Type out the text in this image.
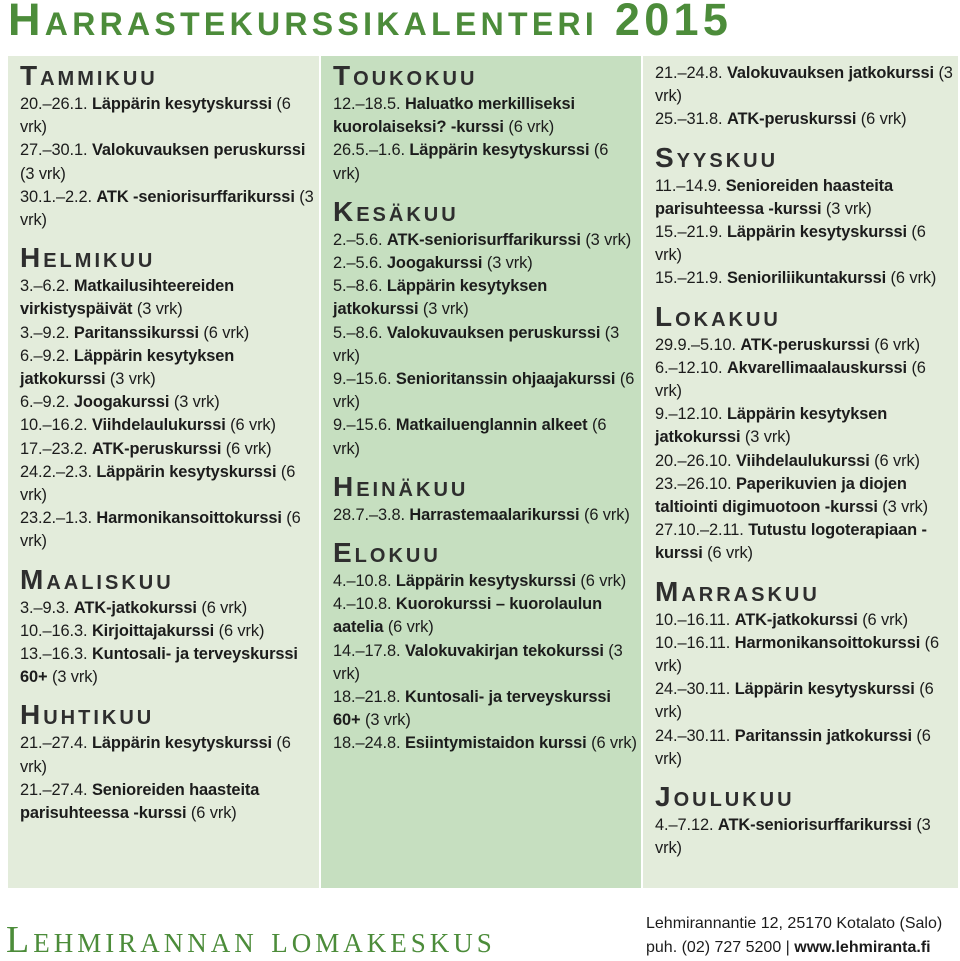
Harrastekurssikalenteri 2015
Tammikuu

20.–26.1. Läppärin kesytyskurssi (6 vrk)

27.–30.1. Valokuvauksen peruskurssi (3 vrk)

30.1.–2.2. ATK -seniorisurffarikurssi (3 vrk)

Helmikuu

3.–6.2. Matkailusihteereiden virkistyspäivät (3 vrk)

3.–9.2. Paritanssikurssi (6 vrk)

6.–9.2. Läppärin kesytyksen jatkokurssi (3 vrk)

6.–9.2. Joogakurssi (3 vrk)

10.–16.2. Viihdelaulukurssi (6 vrk)

17.–23.2. ATK-peruskurssi (6 vrk)

24.2.–2.3. Läppärin kesytyskurssi (6 vrk)

23.2.–1.3. Harmonikansoittokurssi (6 vrk)

Maaliskuu

3.–9.3. ATK-jatkokurssi (6 vrk)

10.–16.3. Kirjoittajakurssi (6 vrk)

13.–16.3. Kuntosali- ja terveyskurssi 60+ (3 vrk)

Huhtikuu

21.–27.4. Läppärin kesytyskurssi (6 vrk)

21.–27.4. Senioreiden haasteita parisuhteessa -kurssi (6 vrk)

Toukokuu

12.–18.5. Haluatko merkilliseksi kuorolaiseksi? -kurssi (6 vrk)

26.5.–1.6. Läppärin kesytyskurssi (6 vrk)

Kesäkuu

2.–5.6. ATK-seniorisurffarikurssi (3 vrk)

2.–5.6. Joogakurssi (3 vrk)

5.–8.6. Läppärin kesytyksen jatkokurssi (3 vrk)

5.–8.6. Valokuvauksen peruskurssi (3 vrk)

9.–15.6. Senioritanssin ohjaajakurssi (6 vrk)

9.–15.6. Matkailuenglannin alkeet (6 vrk)

Heinäkuu

28.7.–3.8. Harrastemaalarikurssi (6 vrk)

Elokuu

4.–10.8. Läppärin kesytyskurssi (6 vrk)

4.–10.8. Kuorokurssi – kuorolaulun aatelia (6 vrk)

14.–17.8. Valokuvakirjan tekokurssi (3 vrk)

18.–21.8. Kuntosali- ja terveyskurssi 60+ (3 vrk)

18.–24.8. Esiintymistaidon kurssi (6 vrk)

21.–24.8. Valokuvauksen jatkokurssi (3 vrk)

25.–31.8. ATK-peruskurssi (6 vrk)

Syyskuu

11.–14.9. Senioreiden haasteita parisuhteessa -kurssi (3 vrk)

15.–21.9. Läppärin kesytyskurssi (6 vrk)

15.–21.9. Senioriliikuntakurssi (6 vrk)

Lokakuu

29.9.–5.10. ATK-peruskurssi (6 vrk)

6.–12.10. Akvarellimaalauskurssi (6 vrk)

9.–12.10. Läppärin kesytyksen jatkokurssi (3 vrk)

20.–26.10. Viihdelaulukurssi (6 vrk)

23.–26.10. Paperikuvien ja diojen taltiointi digimuotoon -kurssi (3 vrk)

27.10.–2.11. Tutustu logoterapiaan -kurssi (6 vrk)

Marraskuu

10.–16.11. ATK-jatkokurssi (6 vrk)

10.–16.11. Harmonikansoittokurssi (6 vrk)

24.–30.11. Läppärin kesytyskurssi (6 vrk)

24.–30.11. Paritanssin jatkokurssi (6 vrk)

Joulukuu

4.–7.12. ATK-seniorisurffarikurssi (3 vrk)

Lehmirannan lomakeskus	Lehmirannantie 12, 25170 Kotalato (Salo)
puh. (02) 727 5200 | www.lehmiranta.fi
